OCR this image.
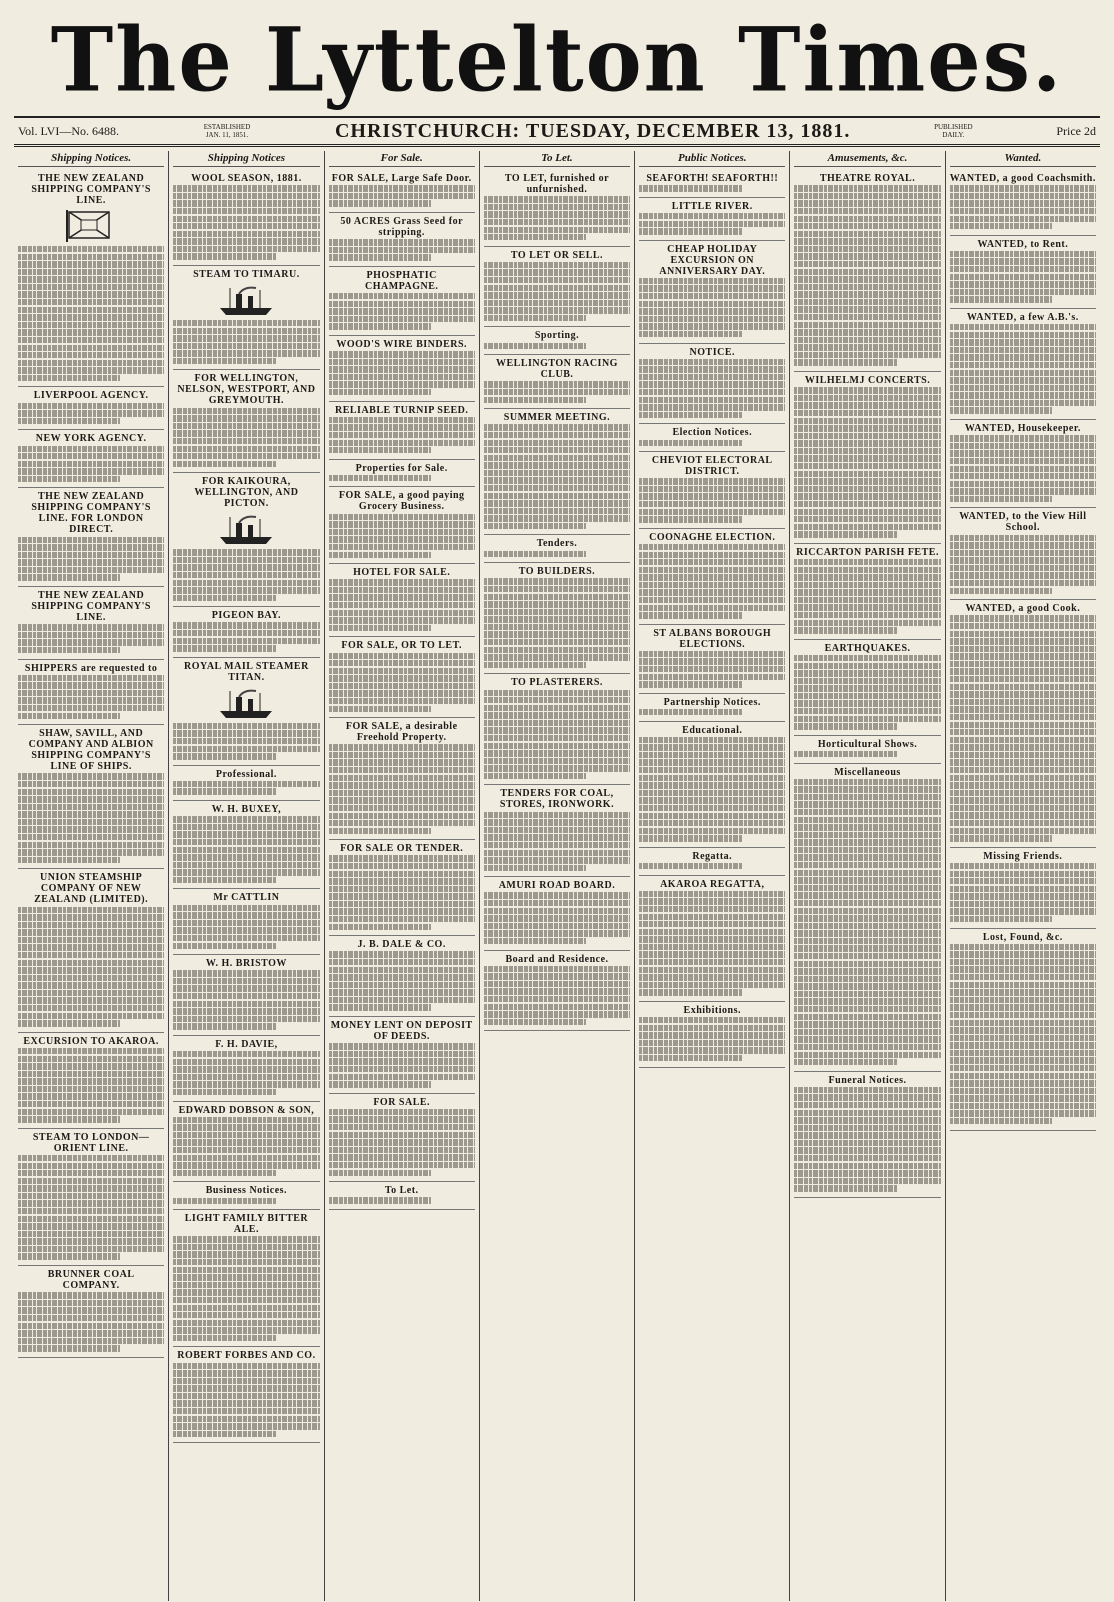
The Lyttelton Times.
Vol. LVI—No. 6488.	ESTABLISHED JAN. 11, 1851.	CHRISTCHURCH: TUESDAY, DECEMBER 13, 1881.	PUBLISHED DAILY.	Price 2d
Shipping Notices.
THE NEW ZEALAND SHIPPING COMPANY'S LINE.
LIVERPOOL AGENCY.
NEW YORK AGENCY.
THE NEW ZEALAND SHIPPING COMPANY'S LINE. FOR LONDON DIRECT.
THE NEW ZEALAND SHIPPING COMPANY'S LINE.
SHIPPERS are requested to
SHAW, SAVILL, AND COMPANY AND ALBION SHIPPING COMPANY'S LINE OF SHIPS.
UNION STEAMSHIP COMPANY OF NEW ZEALAND (LIMITED).
EXCURSION TO AKAROA.
STEAM TO LONDON—ORIENT LINE.
BRUNNER COAL COMPANY.
Shipping Notices
WOOL SEASON, 1881.
STEAM TO TIMARU.
FOR WELLINGTON, NELSON, WESTPORT, AND GREYMOUTH.
FOR KAIKOURA, WELLINGTON, AND PICTON.
PIGEON BAY.
ROYAL MAIL STEAMER TITAN.
Professional.
W. H. BUXEY,
Mr CATTLIN
W. H. BRISTOW
F. H. DAVIE,
EDWARD DOBSON & SON,
Business Notices.
LIGHT FAMILY BITTER ALE.
ROBERT FORBES AND CO.
For Sale.
FOR SALE, Large Safe Door.
50 ACRES Grass Seed for stripping.
PHOSPHATIC CHAMPAGNE.
WOOD'S WIRE BINDERS.
RELIABLE TURNIP SEED.
Properties for Sale.
FOR SALE, a good paying Grocery Business.
HOTEL FOR SALE.
FOR SALE, OR TO LET.
FOR SALE, a desirable Freehold Property.
FOR SALE OR TENDER.
J. B. DALE & CO.
MONEY LENT ON DEPOSIT OF DEEDS.
FOR SALE.
To Let.
To Let.
TO LET, furnished or unfurnished.
TO LET OR SELL.
Sporting.
WELLINGTON RACING CLUB.
SUMMER MEETING.
Tenders.
TO BUILDERS.
TO PLASTERERS.
TENDERS FOR COAL, STORES, IRONWORK.
AMURI ROAD BOARD.
Board and Residence.
Public Notices.
SEAFORTH! SEAFORTH!!
LITTLE RIVER.
CHEAP HOLIDAY EXCURSION ON ANNIVERSARY DAY.
NOTICE.
Election Notices.
CHEVIOT ELECTORAL DISTRICT.
COONAGHE ELECTION.
ST ALBANS BOROUGH ELECTIONS.
Partnership Notices.
Educational.
Regatta.
AKAROA REGATTA,
Exhibitions.
Amusements, &c.
THEATRE ROYAL.
WILHELMJ CONCERTS.
RICCARTON PARISH FETE.
EARTHQUAKES.
Horticultural Shows.
Miscellaneous
Funeral Notices.
Wanted.
WANTED, a good Coachsmith.
WANTED, to Rent.
WANTED, a few A.B.'s.
WANTED, Housekeeper.
WANTED, to the View Hill School.
WANTED, a good Cook.
Missing Friends.
Lost, Found, &c.
